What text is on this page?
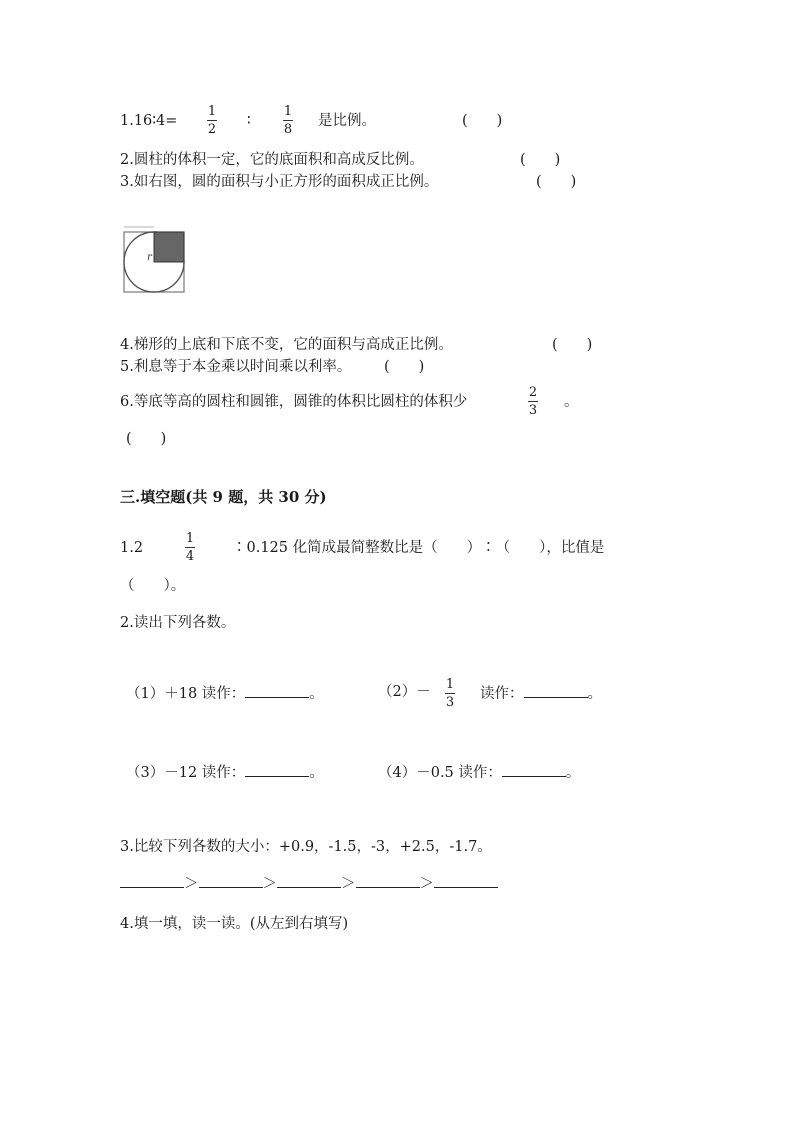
1.16∶4=
1
2
∶
1
8
是比例。	(　　)
2.圆柱的体积一定，它的底面积和高成反比例。	(　　)
3.如右图，圆的面积与小正方形的面积成正比例。	(　　)
r
4.梯形的上底和下底不变，它的面积与高成正比例。	(　　)
5.利息等于本金乘以时间乘以利率。 (　　)
6.等底等高的圆柱和圆锥，圆锥的体积比圆柱的体积少
2
3
。
(　　)
三.填空题(共 9 题，共 30 分)
1.2
1
4
∶0.125 化简成最简整数比是（　　）∶（　　），比值是
（　　）。
2.读出下列各数。
（1）＋18 读作：	。	（2）－ 1
3
读作：	。
（3）－12 读作：	。	（4）－0.5 读作：	。
3.比较下列各数的大小：+0.9，-1.5，-3，+2.5，-1.7。
＞	＞	＞	＞
4.填一填，读一读。(从左到右填写)
